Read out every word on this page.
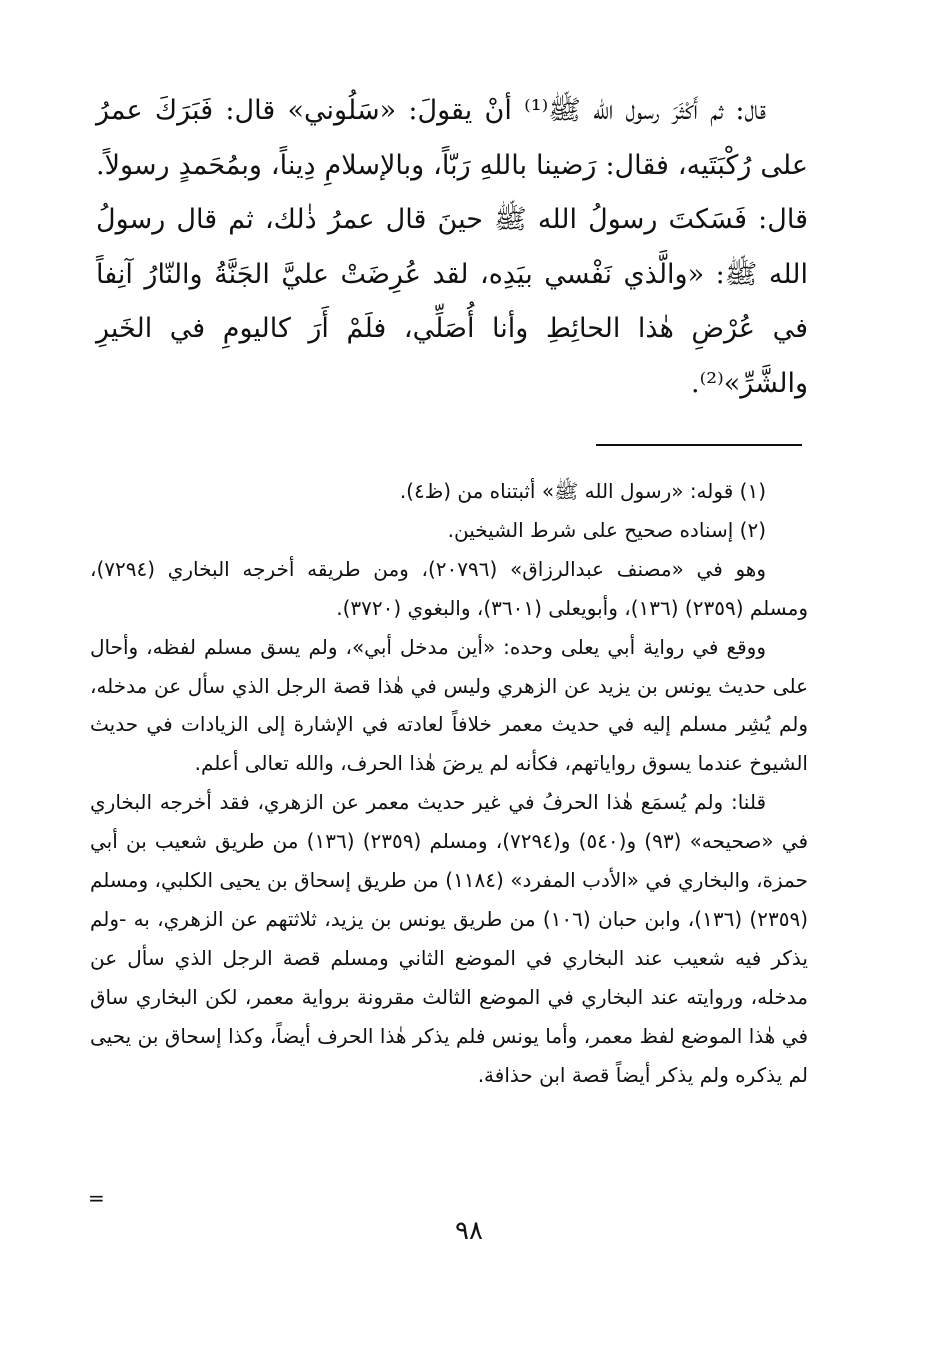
قال: ثم أَكْثَرَ رسول الله ﷺ⁽¹⁾ أنْ يقولَ: «سَلُوني» قال: فَبَرَكَ عمرُ على رُكْبَتَيه، فقال: رَضينا باللهِ رَبّاً، وبالإسلامِ دِيناً، وبمُحَمدٍ رسولاً. قال: فَسَكتَ رسولُ الله ﷺ حينَ قال عمرُ ذٰلك، ثم قال رسولُ الله ﷺ: «والَّذي نَفْسي بيَدِه، لقد عُرِضَتْ عليَّ الجَنَّةُ والنّارُ آنِفاً في عُرْضِ هٰذا الحائِطِ وأنا أُصَلِّي، فلَمْ أَرَ كاليومِ في الخَيرِ والشَّرِّ»⁽²⁾.

(١) قوله: «رسول الله ﷺ» أثبتناه من (ظ٤).

(٢) إسناده صحيح على شرط الشيخين.

وهو في «مصنف عبدالرزاق» (٢٠٧٩٦)، ومن طريقه أخرجه البخاري (٧٢٩٤)، ومسلم (٢٣٥٩) (١٣٦)، وأبويعلى (٣٦٠١)، والبغوي (٣٧٢٠).

ووقع في رواية أبي يعلى وحده: «أين مدخل أبي»، ولم يسق مسلم لفظه، وأحال على حديث يونس بن يزيد عن الزهري وليس في هٰذا قصة الرجل الذي سأل عن مدخله، ولم يُشِر مسلم إليه في حديث معمر خلافاً لعادته في الإشارة إلى الزيادات في حديث الشيوخ عندما يسوق رواياتهم، فكأنه لم يرضَ هٰذا الحرف، والله تعالى أعلم.

قلنا: ولم يُسمَع هٰذا الحرفُ في غير حديث معمر عن الزهري، فقد أخرجه البخاري في «صحيحه» (٩٣) و(٥٤٠) و(٧٢٩٤)، ومسلم (٢٣٥٩) (١٣٦) من طريق شعيب بن أبي حمزة، والبخاري في «الأدب المفرد» (١١٨٤) من طريق إسحاق بن يحيى الكلبي، ومسلم (٢٣٥٩) (١٣٦)، وابن حبان (١٠٦) من طريق يونس بن يزيد، ثلاثتهم عن الزهري، به -ولم يذكر فيه شعيب عند البخاري في الموضع الثاني ومسلم قصة الرجل الذي سأل عن مدخله، وروايته عند البخاري في الموضع الثالث مقرونة برواية معمر، لكن البخاري ساق في هٰذا الموضع لفظ معمر، وأما يونس فلم يذكر هٰذا الحرف أيضاً، وكذا إسحاق بن يحيى لم يذكره ولم يذكر أيضاً قصة ابن حذافة.

=
٩٨
